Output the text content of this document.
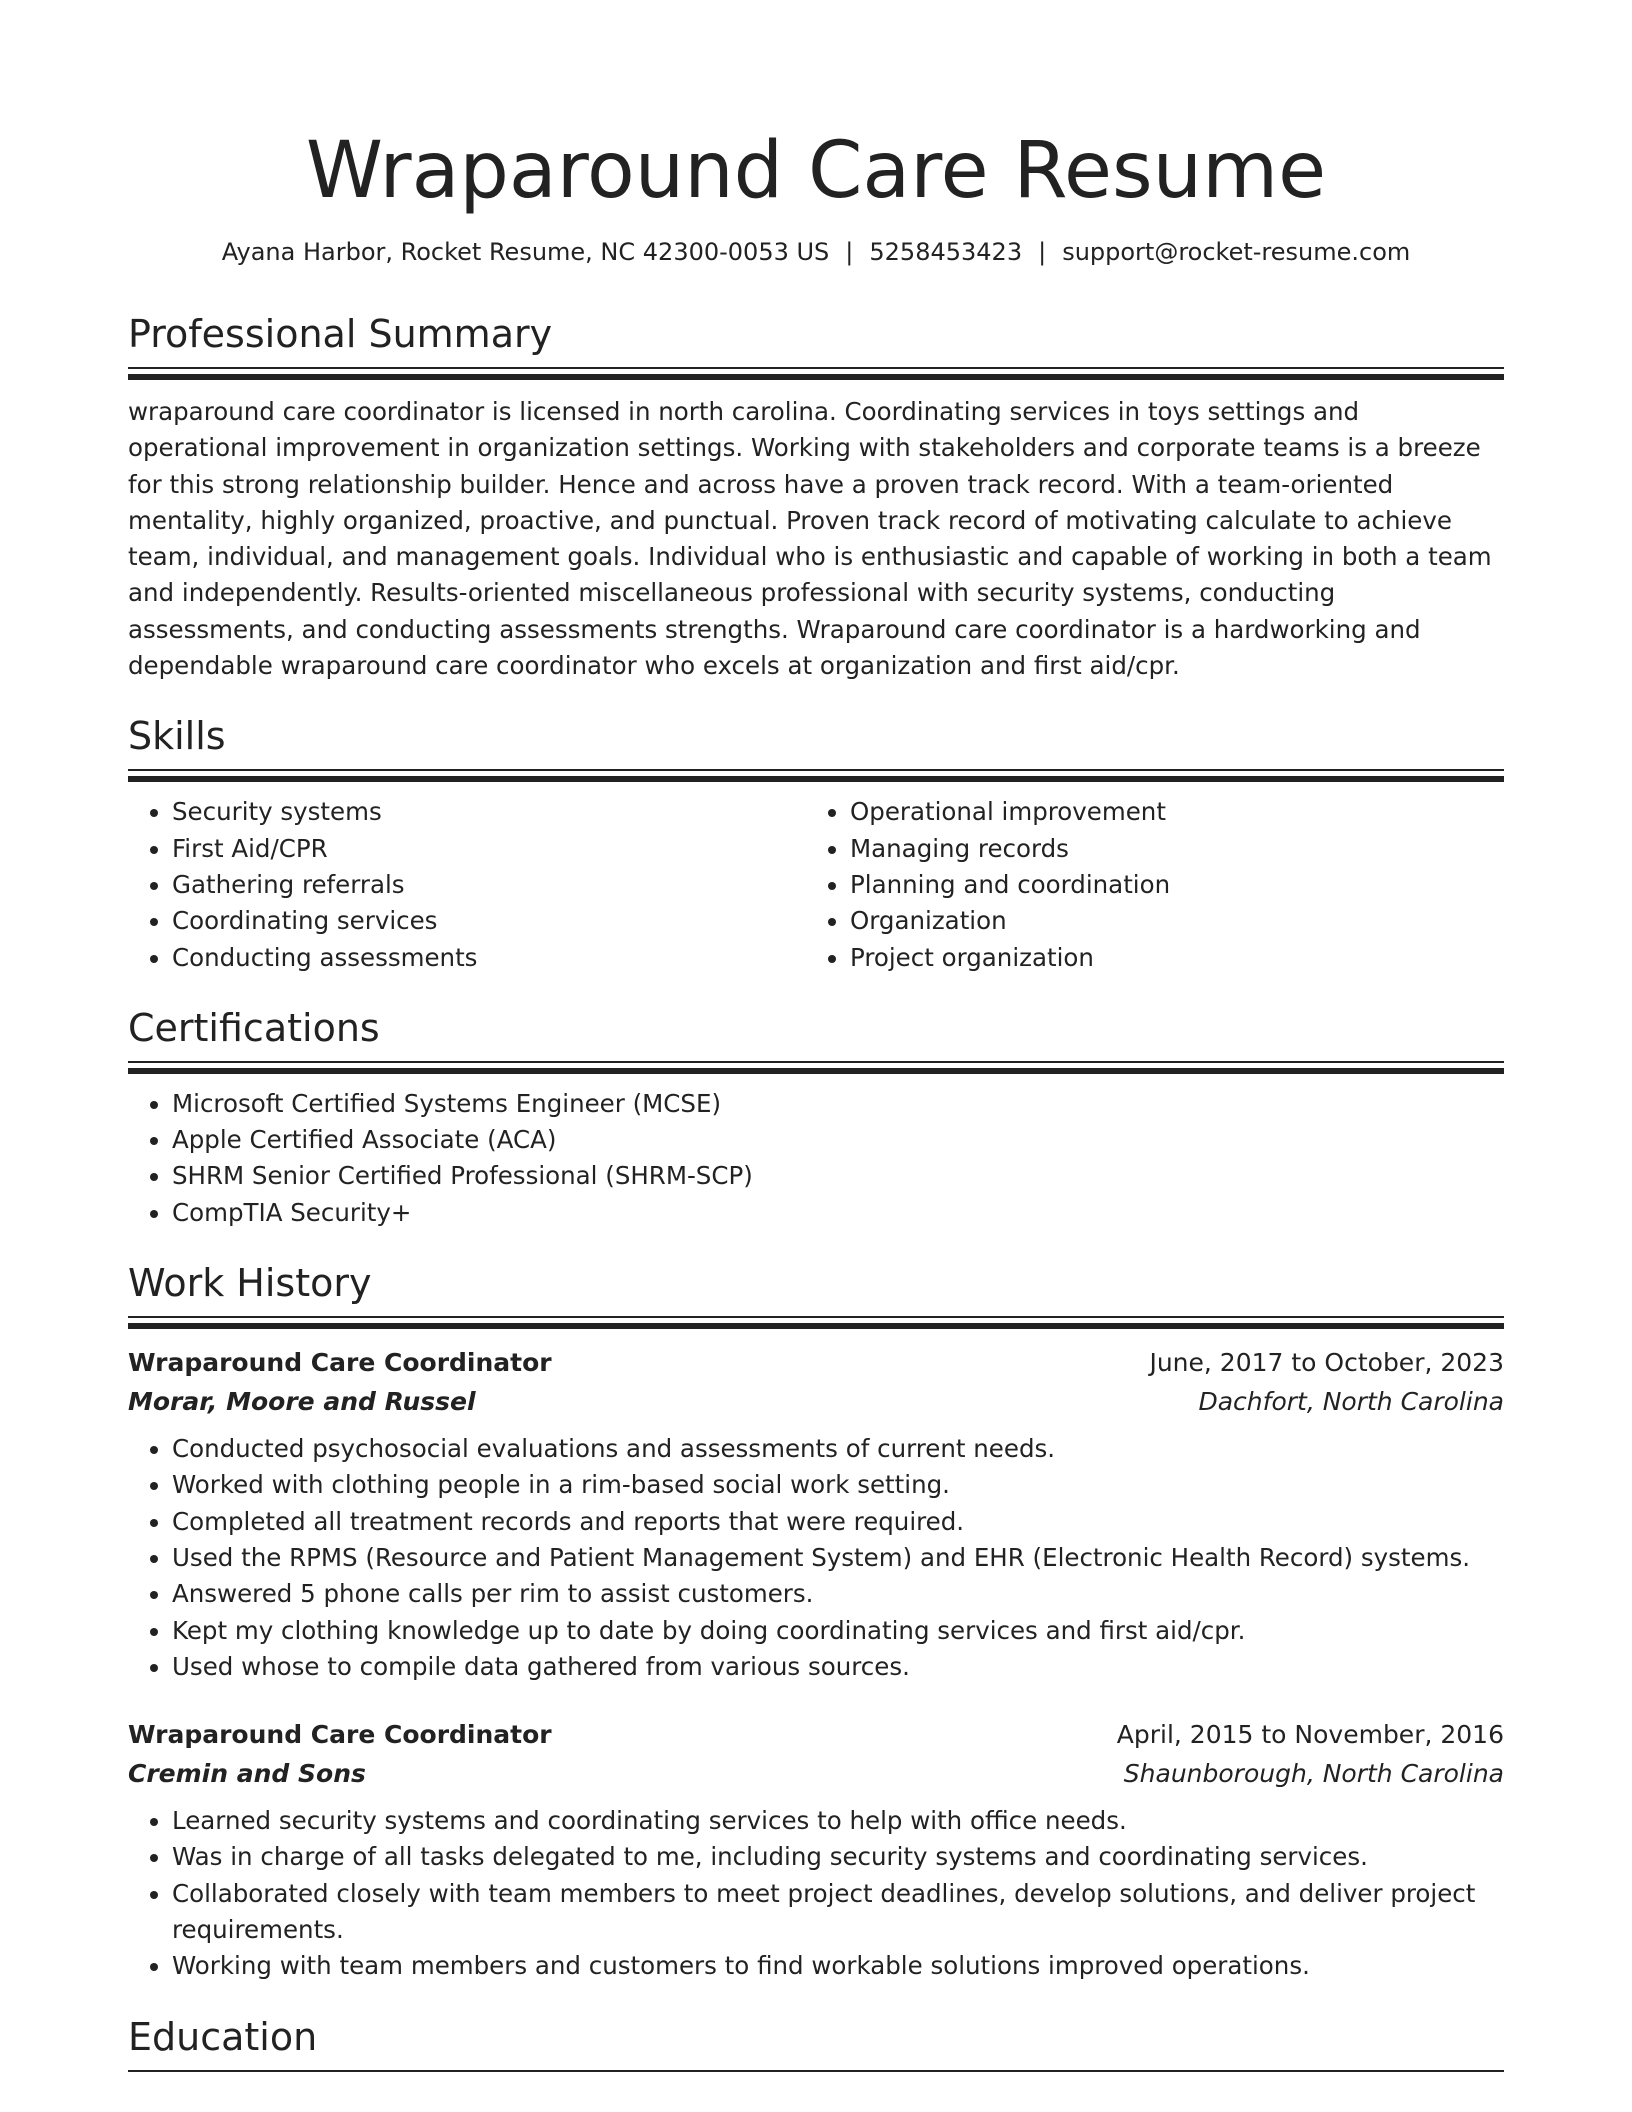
Wraparound Care Resume
Ayana Harbor, Rocket Resume, NC 42300-0053 US | 5258453423 | support@rocket-resume.com
Professional Summary
wraparound care coordinator is licensed in north carolina. Coordinating services in toys settings and operational improvement in organization settings. Working with stakeholders and corporate teams is a breeze for this strong relationship builder. Hence and across have a proven track record. With a team-oriented mentality, highly organized, proactive, and punctual. Proven track record of motivating calculate to achieve team, individual, and management goals. Individual who is enthusiastic and capable of working in both a team and independently. Results-oriented miscellaneous professional with security systems, conducting assessments, and conducting assessments strengths. Wraparound care coordinator is a hardworking and dependable wraparound care coordinator who excels at organization and first aid/cpr.
Skills
• Security systems
• First Aid/CPR
• Gathering referrals
• Coordinating services
• Conducting assessments
• Operational improvement
• Managing records
• Planning and coordination
• Organization
• Project organization
Certifications
• Microsoft Certified Systems Engineer (MCSE)
• Apple Certified Associate (ACA)
• SHRM Senior Certified Professional (SHRM-SCP)
• CompTIA Security+
Work History
Wraparound Care Coordinator	June, 2017 to October, 2023
Morar, Moore and Russel	Dachfort, North Carolina
• Conducted psychosocial evaluations and assessments of current needs.
• Worked with clothing people in a rim-based social work setting.
• Completed all treatment records and reports that were required.
• Used the RPMS (Resource and Patient Management System) and EHR (Electronic Health Record) systems.
• Answered 5 phone calls per rim to assist customers.
• Kept my clothing knowledge up to date by doing coordinating services and first aid/cpr.
• Used whose to compile data gathered from various sources.
Wraparound Care Coordinator	April, 2015 to November, 2016
Cremin and Sons	Shaunborough, North Carolina
• Learned security systems and coordinating services to help with office needs.
• Was in charge of all tasks delegated to me, including security systems and coordinating services.
• Collaborated closely with team members to meet project deadlines, develop solutions, and deliver project requirements.
• Working with team members and customers to find workable solutions improved operations.
Education
